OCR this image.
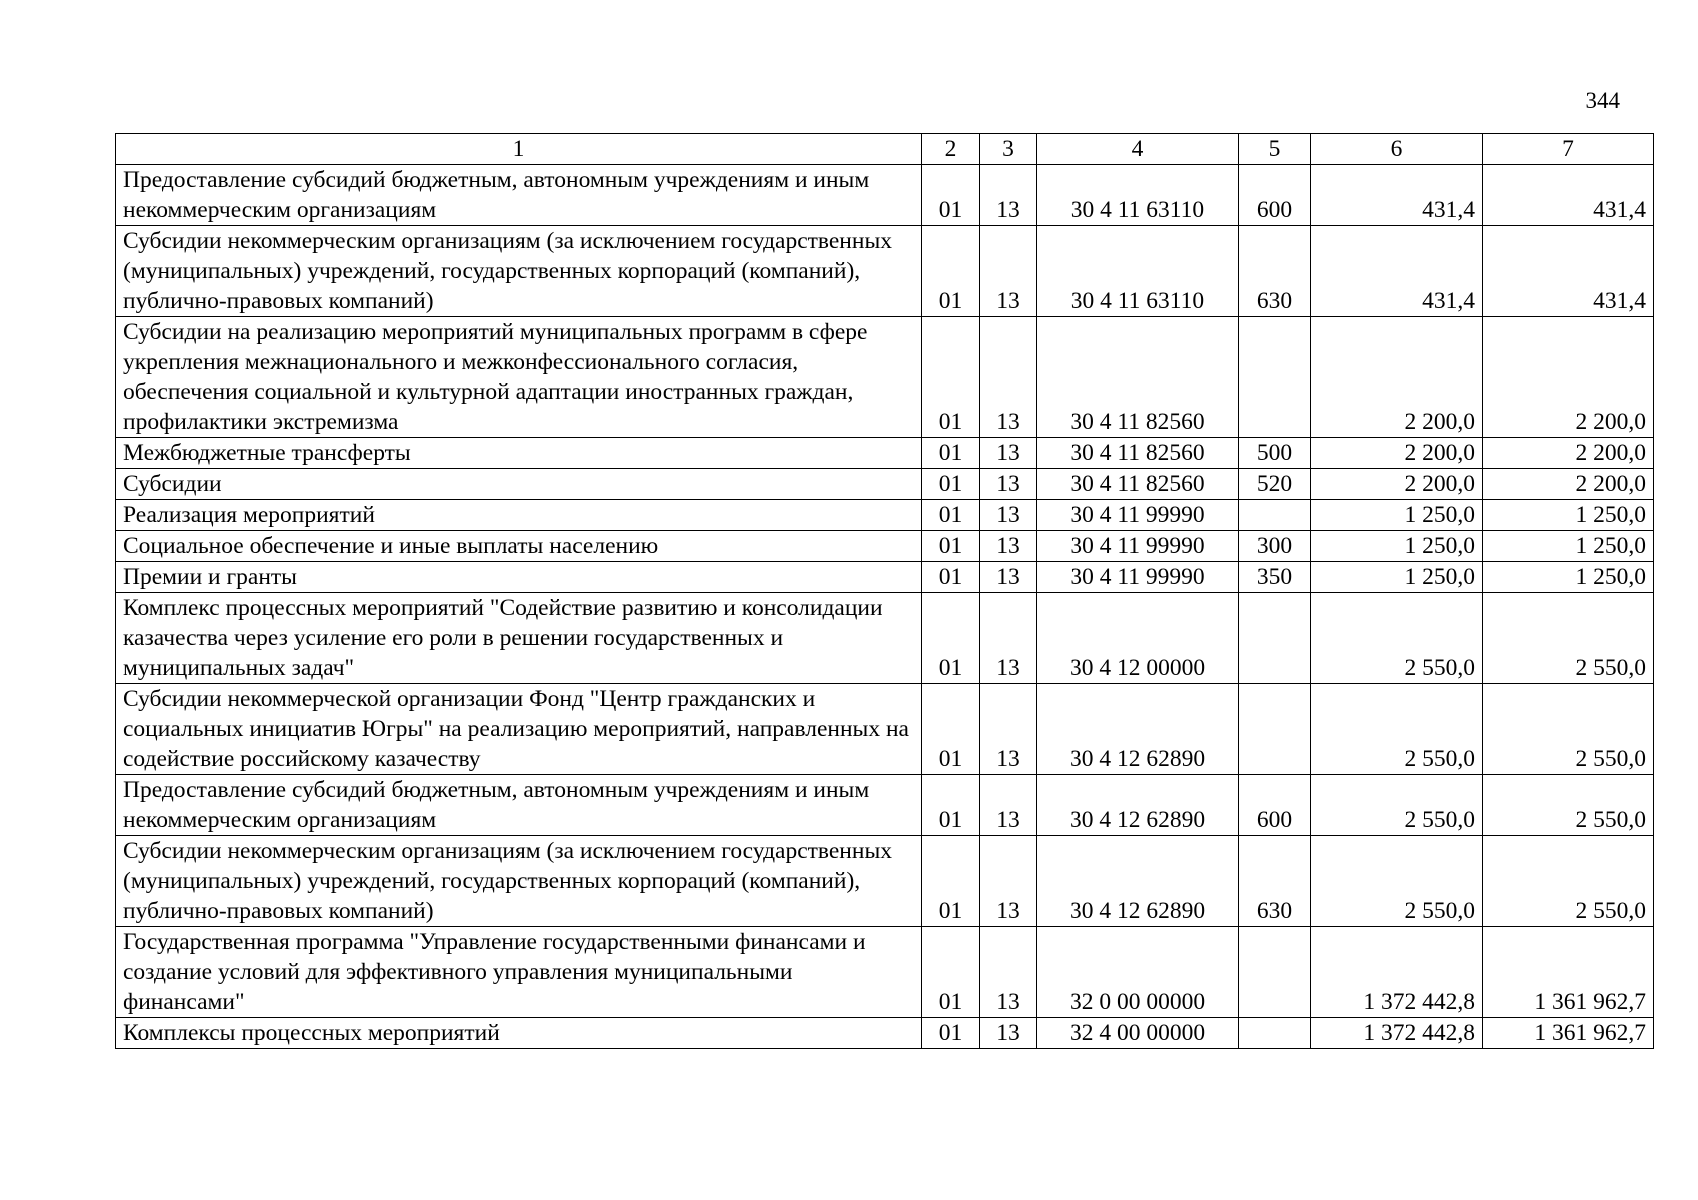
344
1	2	3	4	5	6	7
Предоставление субсидий бюджетным, автономным учреждениям и иным некоммерческим организациям	01	13	30 4 11 63110	600	431,4	431,4
Субсидии некоммерческим организациям (за исключением государственных (муниципальных) учреждений, государственных корпораций (компаний), публично-правовых компаний)	01	13	30 4 11 63110	630	431,4	431,4
Субсидии на реализацию мероприятий муниципальных программ в сфере укрепления межнационального и межконфессионального согласия, обеспечения социальной и культурной адаптации иностранных граждан, профилактики экстремизма	01	13	30 4 11 82560		2 200,0	2 200,0
Межбюджетные трансферты	01	13	30 4 11 82560	500	2 200,0	2 200,0
Субсидии	01	13	30 4 11 82560	520	2 200,0	2 200,0
Реализация мероприятий	01	13	30 4 11 99990		1 250,0	1 250,0
Социальное обеспечение и иные выплаты населению	01	13	30 4 11 99990	300	1 250,0	1 250,0
Премии и гранты	01	13	30 4 11 99990	350	1 250,0	1 250,0
Комплекс процессных мероприятий "Содействие развитию и консолидации казачества через усиление его роли в решении государственных и муниципальных задач"	01	13	30 4 12 00000		2 550,0	2 550,0
Субсидии некоммерческой организации Фонд "Центр гражданских и социальных инициатив Югры" на реализацию мероприятий, направленных на содействие российскому казачеству	01	13	30 4 12 62890		2 550,0	2 550,0
Предоставление субсидий бюджетным, автономным учреждениям и иным некоммерческим организациям	01	13	30 4 12 62890	600	2 550,0	2 550,0
Субсидии некоммерческим организациям (за исключением государственных (муниципальных) учреждений, государственных корпораций (компаний), публично-правовых компаний)	01	13	30 4 12 62890	630	2 550,0	2 550,0
Государственная программа "Управление государственными финансами и создание условий для эффективного управления муниципальными финансами"	01	13	32 0 00 00000		1 372 442,8	1 361 962,7
Комплексы процессных мероприятий	01	13	32 4 00 00000		1 372 442,8	1 361 962,7
